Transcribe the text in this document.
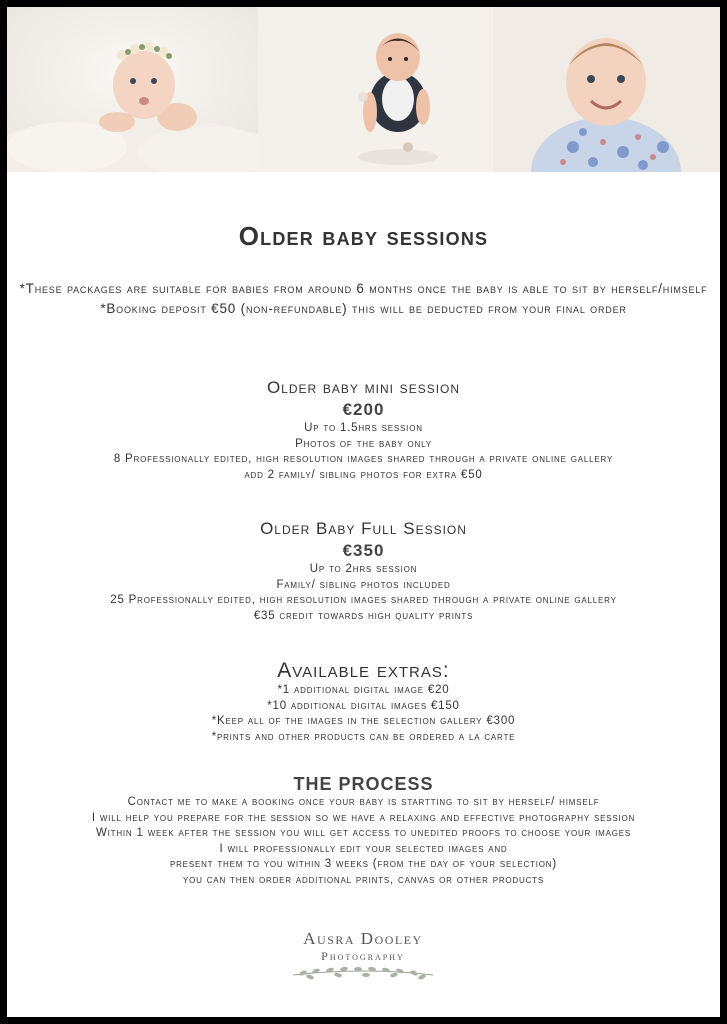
Older baby sessions
*These packages are suitable for babies from around 6 months once the baby is able to sit by herself/himself
*Booking deposit €50 (non-refundable) this will be deducted from your final order
Older baby mini session
€200
Up to 1.5hrs session
Photos of the baby only
8 Professionally edited, high resolution images shared through a private online gallery
add 2 family/ sibling photos for extra €50
Older Baby Full Session
€350
Up to 2hrs session
Family/ sibling photos included
25 Professionally edited, high resolution images shared through a private online gallery
€35 credit towards high quality prints
Available extras:
*1 additional digital image €20
*10 additional digital images €150
*Keep all of the images in the selection gallery €300
*prints and other products can be ordered a la carte
THE PROCESS
Contact me to make a booking once your baby is startting to sit by herself/ himself
I will help you prepare for the session so we have a relaxing and effective photography session
Within 1 week after the session you will get access to unedited proofs to choose your images
I will professionally edit your selected images and
present them to you within 3 weeks (from the day of your selection)
you can then order additional prints, canvas or other products
Ausra Dooley
Photography
